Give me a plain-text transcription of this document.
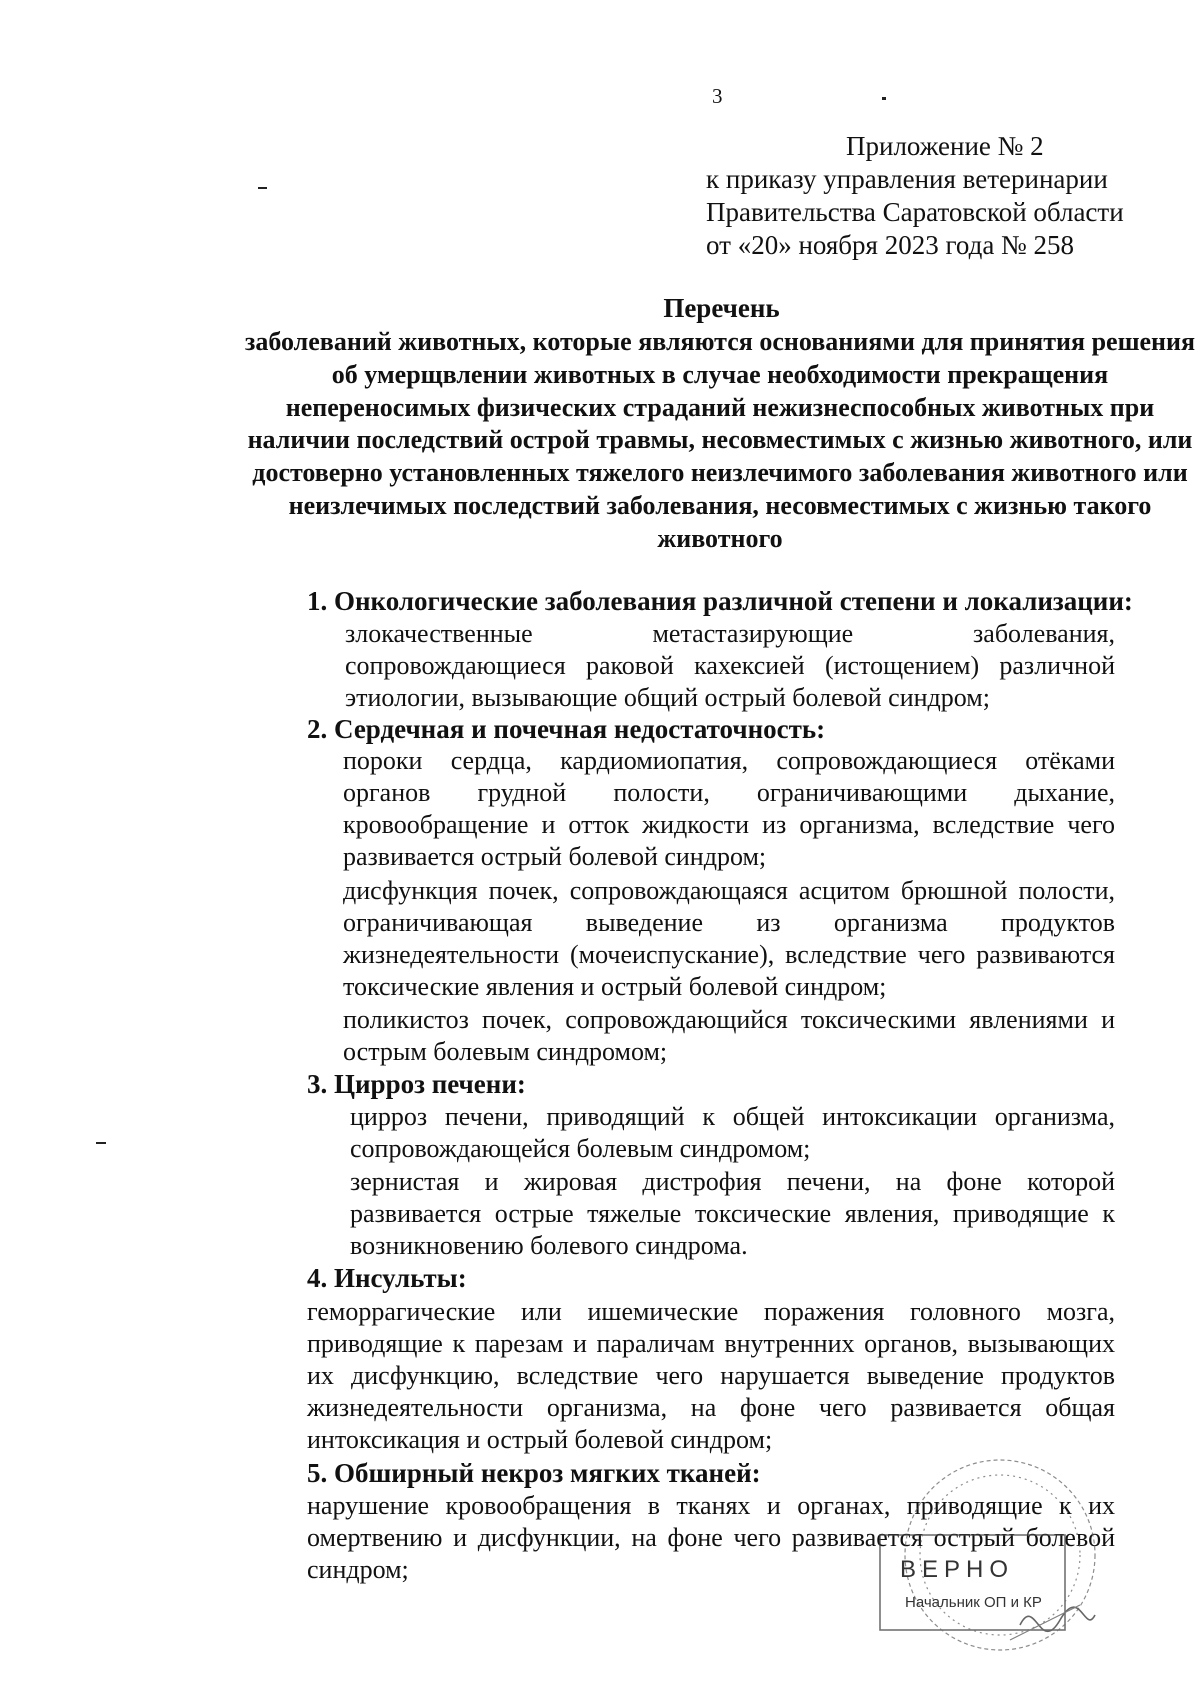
3
Приложение № 2
к приказу управления ветеринарии
Правительства Саратовской области
от «20» ноября 2023 года № 258
Перечень
заболеваний животных, которые являются основаниями для принятия решения об умерщвлении животных в случае необходимости прекращения непереносимых физических страданий нежизнеспособных животных при наличии последствий острой травмы, несовместимых с жизнью животного, или достоверно установленных тяжелого неизлечимого заболевания животного или неизлечимых последствий заболевания, несовместимых с жизнью такого животного
1. Онкологические заболевания различной степени и локализации:
злокачественные метастазирующие заболевания, сопровождающиеся раковой кахексией (истощением) различной этиологии, вызывающие общий острый болевой синдром;
2. Сердечная и почечная недостаточность:
пороки сердца, кардиомиопатия, сопровождающиеся отёками органов грудной полости, ограничивающими дыхание, кровообращение и отток жидкости из организма, вследствие чего развивается острый болевой синдром;
дисфункция почек, сопровождающаяся асцитом брюшной полости, ограничивающая выведение из организма продуктов жизнедеятельности (мочеиспускание), вследствие чего развиваются токсические явления и острый болевой синдром;
поликистоз почек, сопровождающийся токсическими явлениями и острым болевым синдромом;
3. Цирроз печени:
цирроз печени, приводящий к общей интоксикации организма, сопровождающейся болевым синдромом;
зернистая и жировая дистрофия печени, на фоне которой развивается острые тяжелые токсические явления, приводящие к возникновению болевого синдрома.
4. Инсульты:
геморрагические или ишемические поражения головного мозга, приводящие к парезам и параличам внутренних органов, вызывающих их дисфункцию, вследствие чего нарушается выведение продуктов жизнедеятельности организма, на фоне чего развивается общая интоксикация и острый болевой синдром;
5. Обширный некроз мягких тканей:
нарушение кровообращения в тканях и органах, приводящие к их омертвению и дисфункции, на фоне чего развивается острый болевой синдром;	ВЕРНО
Начальник ОП и КР
